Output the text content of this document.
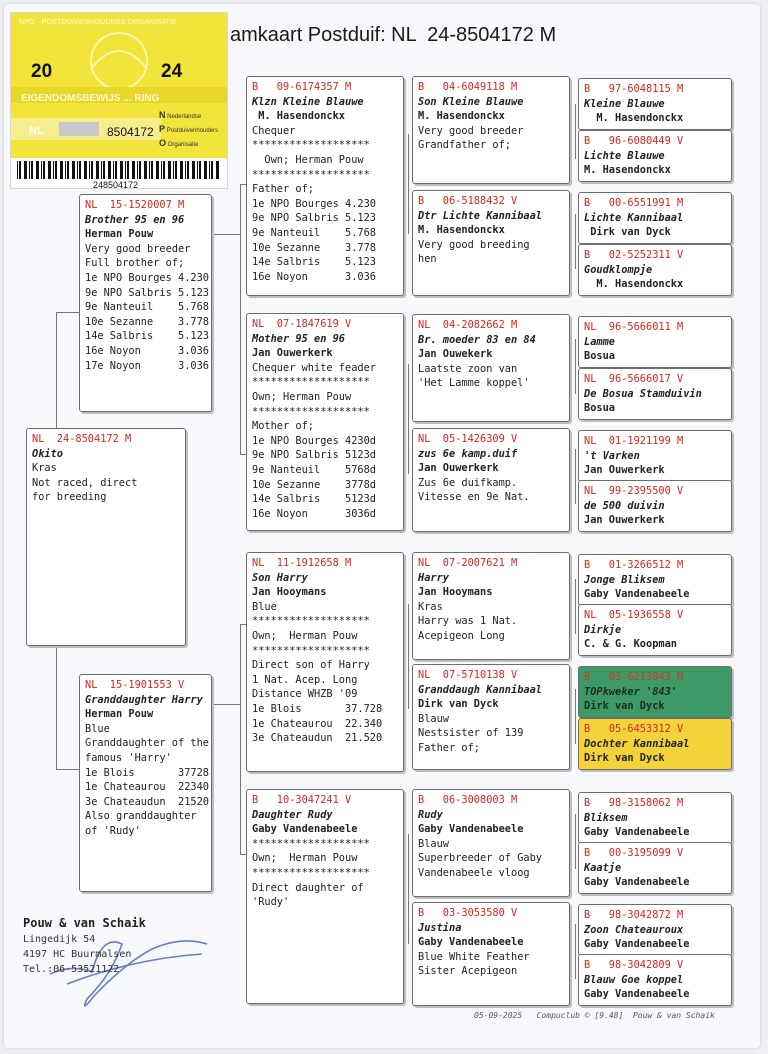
amkaart Postduif: NL  24-8504172 M
NPO - POSTDUIVENHOUDERS ORGANISATIE
20	24
EIGENDOMSBEWIJS ... RING
NL	8504172
N Nederlandse
P Postduivenhouders
O Organisatie
248504172
NL  24-8504172 M
Okito
Kras
Not raced, direct
for breeding
NL  15-1520007 M
Brother 95 en 96
Herman Pouw
Very good breeder
Full brother of;
1e NPO Bourges 4.230
9e NPO Salbris 5.123
9e Nanteuil    5.768
10e Sezanne    3.778
14e Salbris    5.123
16e Noyon      3.036
17e Noyon      3.036
NL  15-1901553 V
Granddaughter Harry
Herman Pouw
Blue
Granddaughter of the
famous 'Harry'
1e Blois       37728
1e Chateaurou  22340
3e Chateaudun  21520
Also granddaughter
of 'Rudy'
B   09-6174357 M
Klzn Kleine Blauwe
M. Hasendonckx
Chequer
*******************
Own; Herman Pouw
*******************
Father of;
1e NPO Bourges 4.230
9e NPO Salbris 5.123
9e Nanteuil    5.768
10e Sezanne    3.778
14e Salbris    5.123
16e Noyon      3.036
NL  07-1847619 V
Mother 95 en 96
Jan Ouwerkerk
Chequer white feader
*******************
Own; Herman Pouw
*******************
Mother of;
1e NPO Bourges 4230d
9e NPO Salbris 5123d
9e Nanteuil    5768d
10e Sezanne    3778d
14e Salbris    5123d
16e Noyon      3036d
NL  11-1912658 M
Son Harry
Jan Hooymans
Blue
*******************
Own;  Herman Pouw
*******************
Direct son of Harry
1 Nat. Acep. Long
Distance WHZB '09
1e Blois       37.728
1e Chateaurou  22.340
3e Chateaudun  21.520
B   10-3047241 V
Daughter Rudy
Gaby Vandenabeele
*******************
Own;  Herman Pouw
*******************
Direct daughter of
'Rudy'
B   04-6049118 M
Son Kleine Blauwe
M. Hasendonckx
Very good breeder
Grandfather of;
B   06-5188432 V
Dtr Lichte Kannibaal
M. Hasendonckx
Very good breeding
hen
NL  04-2082662 M
Br. moeder 83 en 84
Jan Ouwekerk
Laatste zoon van
'Het Lamme koppel'
NL  05-1426309 V
zus 6e kamp.duif
Jan Ouwerkerk
Zus 6e duifkamp.
Vitesse en 9e Nat.
NL  07-2007621 M
Harry
Jan Hooymans
Kras
Harry was 1 Nat.
Acepigeon Long
NL  07-5710138 V
Granddaugh Kannibaal
Dirk van Dyck
Blauw
Nestsister of 139
Father of;
B   06-3008003 M
Rudy
Gaby Vandenabeele
Blauw
Superbreeder of Gaby
Vandenabeele vloog
B   03-3053580 V
Justina
Gaby Vandenabeele
Blue White Feather
Sister Acepigeon
B   97-6048115 M
Kleine Blauwe
M. Hasendonckx
B   96-6080449 V
Lichte Blauwe
M. Hasendonckx
B   00-6551991 M
Lichte Kannibaal
Dirk van Dyck
B   02-5252311 V
Goudklompje
M. Hasendonckx
NL  96-5666011 M
Lamme
Bosua
NL  96-5666017 V
De Bosua Stamduivin
Bosua
NL  01-1921199 M
't Varken
Jan Ouwerkerk
NL  99-2395500 V
de 500 duivin
Jan Ouwerkerk
B   01-3266512 M
Jonge Bliksem
Gaby Vandenabeele
NL  05-1936558 V
Dirkje
C. & G. Koopman
B   03-6213843 M
TOPkweker '843'
Dirk van Dyck
B   05-6453312 V
Dochter Kannibaal
Dirk van Dyck
B   98-3158062 M
Bliksem
Gaby Vandenabeele
B   00-3195099 V
Kaatje
Gaby Vandenabeele
B   98-3042872 M
Zoon Chateauroux
Gaby Vandenabeele
B   98-3042809 V
Blauw Goe koppel
Gaby Vandenabeele
Pouw & van Schaik
Lingedijk 54
4197 HC Buurmalsen
Tel.:06-53521122
05-09-2025   Compuclub © [9.48]  Pouw & van Schaik
